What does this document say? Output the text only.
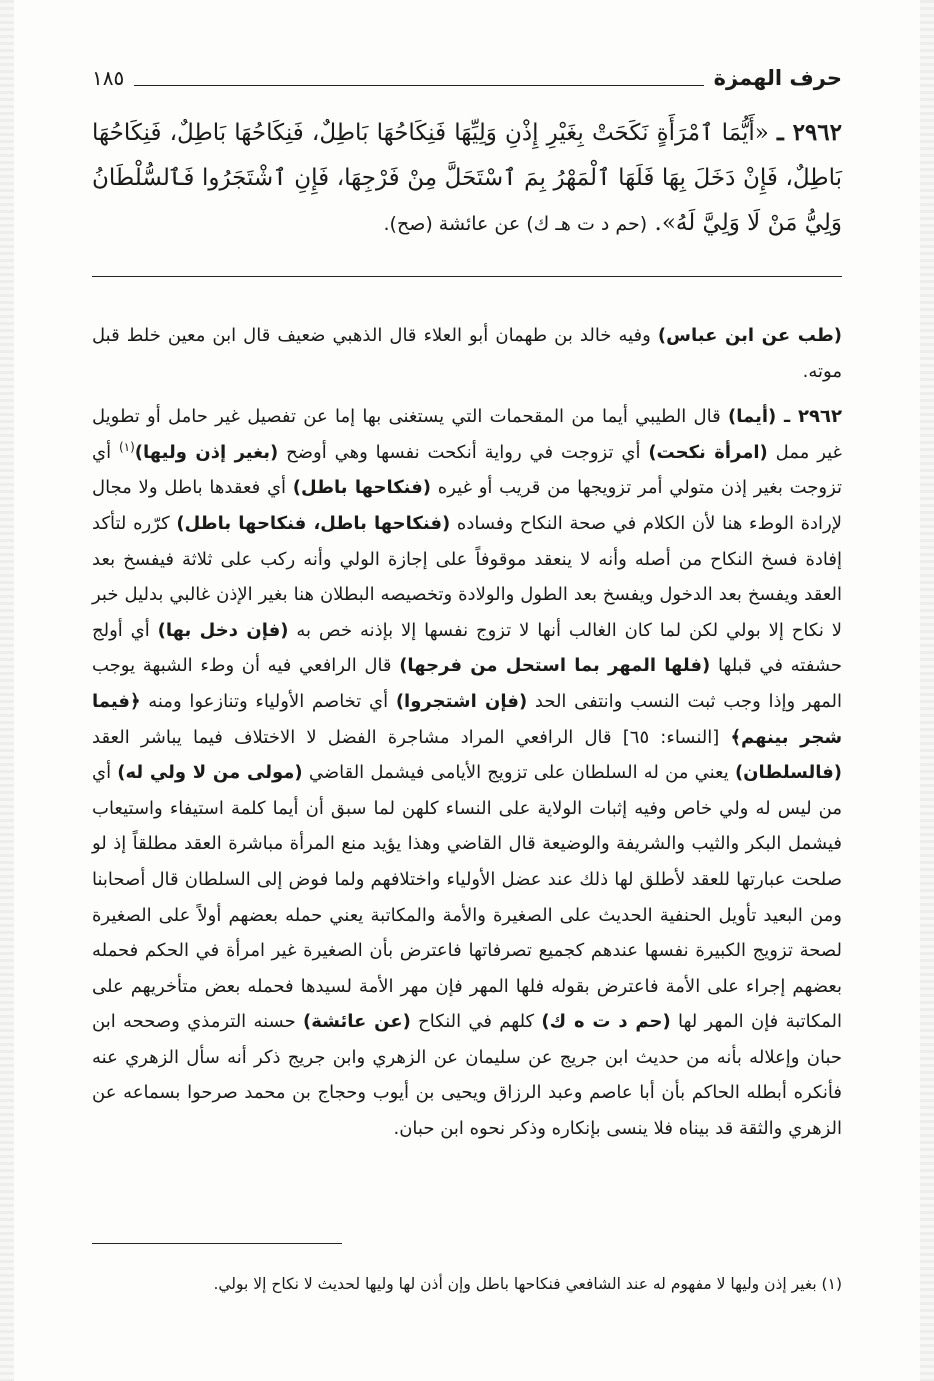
حرف الهمزة
١٨٥
٢٩٦٢ ـ «أَيُّمَا ٱمْرَأَةٍ نَكَحَتْ بِغَيْرِ إِذْنِ وَلِيِّهَا فَنِكَاحُهَا بَاطِلٌ، فَنِكَاحُهَا بَاطِلٌ، فَنِكَاحُهَا بَاطِلٌ، فَإِنْ دَخَلَ بِهَا فَلَهَا ٱلْمَهْرُ بِمَ ٱسْتَحَلَّ مِنْ فَرْجِهَا، فَإِنِ ٱشْتَجَرُوا فَٱلسُّلْطَانُ وَلِيُّ مَنْ لَا وَلِيَّ لَهُ». (حم د ت هـ ك) عن عائشة (صح).

(طب عن ابن عباس) وفيه خالد بن طهمان أبو العلاء قال الذهبي ضعيف قال ابن معين خلط قبل موته.

٢٩٦٢ ـ (أيما) قال الطيبي أيما من المقحمات التي يستغنى بها إما عن تفصيل غير حامل أو تطويل غير ممل (امرأة نكحت) أي تزوجت في رواية أنكحت نفسها وهي أوضح (بغير إذن وليها)$^{(١)}$ أي تزوجت بغير إذن متولي أمر تزويجها من قريب أو غيره (فنكاحها باطل) أي فعقدها باطل ولا مجال لإرادة الوطء هنا لأن الكلام في صحة النكاح وفساده (فنكاحها باطل، فنكاحها باطل) كرّره لتأكد إفادة فسخ النكاح من أصله وأنه لا ينعقد موقوفاً على إجازة الولي وأنه ركب على ثلاثة فيفسخ بعد العقد ويفسخ بعد الدخول ويفسخ بعد الطول والولادة وتخصيصه البطلان هنا بغير الإذن غالبي بدليل خبر لا نكاح إلا بولي لكن لما كان الغالب أنها لا تزوج نفسها إلا بإذنه خص به (فإن دخل بها) أي أولج حشفته في قبلها (فلها المهر بما استحل من فرجها) قال الرافعي فيه أن وطء الشبهة يوجب المهر وإذا وجب ثبت النسب وانتفى الحد (فإن اشتجروا) أي تخاصم الأولياء وتنازعوا ومنه ﴿فيما شجر بينهم﴾ [النساء: ٦٥] قال الرافعي المراد مشاجرة الفضل لا الاختلاف فيما يباشر العقد (فالسلطان) يعني من له السلطان على تزويج الأيامى فيشمل القاضي (مولى من لا ولي له) أي من ليس له ولي خاص وفيه إثبات الولاية على النساء كلهن لما سبق أن أيما كلمة استيفاء واستيعاب فيشمل البكر والثيب والشريفة والوضيعة قال القاضي وهذا يؤيد منع المرأة مباشرة العقد مطلقاً إذ لو صلحت عبارتها للعقد لأطلق لها ذلك عند عضل الأولياء واختلافهم ولما فوض إلى السلطان قال أصحابنا ومن البعيد تأويل الحنفية الحديث على الصغيرة والأمة والمكاتبة يعني حمله بعضهم أولاً على الصغيرة لصحة تزويج الكبيرة نفسها عندهم كجميع تصرفاتها فاعترض بأن الصغيرة غير امرأة في الحكم فحمله بعضهم إجراء على الأمة فاعترض بقوله فلها المهر فإن مهر الأمة لسيدها فحمله بعض متأخريهم على المكاتبة فإن المهر لها (حم د ت ه ك) كلهم في النكاح (عن عائشة) حسنه الترمذي وصححه ابن حبان وإعلاله بأنه من حديث ابن جريج عن سليمان عن الزهري وابن جريج ذكر أنه سأل الزهري عنه فأنكره أبطله الحاكم بأن أبا عاصم وعبد الرزاق ويحيى بن أيوب وحجاج بن محمد صرحوا بسماعه عن الزهري والثقة قد بيناه فلا ينسى بإنكاره وذكر نحوه ابن حبان.

(١) بغير إذن وليها لا مفهوم له عند الشافعي فنكاحها باطل وإن أذن لها وليها لحديث لا نكاح إلا بولي.
